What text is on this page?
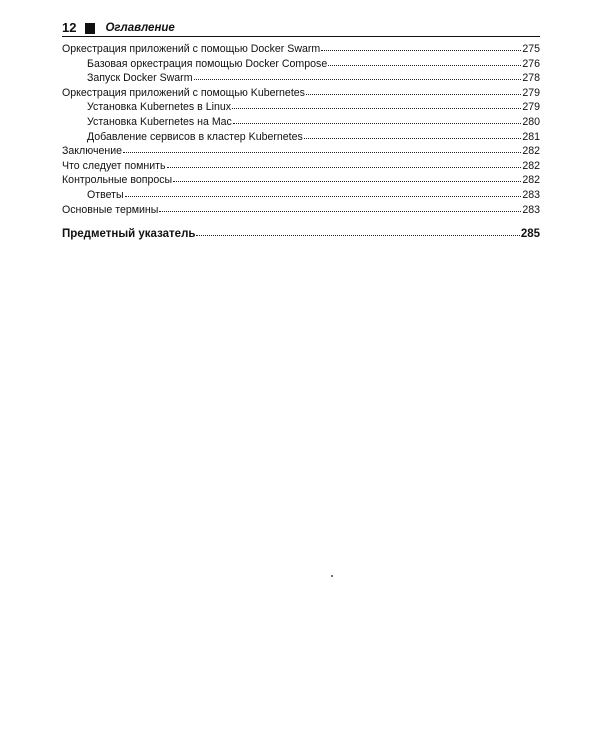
12	Оглавление
Оркестрация приложений с помощью Docker Swarm	275
Базовая оркестрация помощью Docker Compose	276
Запуск Docker Swarm	278
Оркестрация приложений с помощью Kubernetes	279
Установка Kubernetes в Linux	279
Установка Kubernetes на Mac	280
Добавление сервисов в кластер Kubernetes	281
Заключение	282
Что следует помнить	282
Контрольные вопросы	282
Ответы	283
Основные термины	283
Предметный указатель	285
